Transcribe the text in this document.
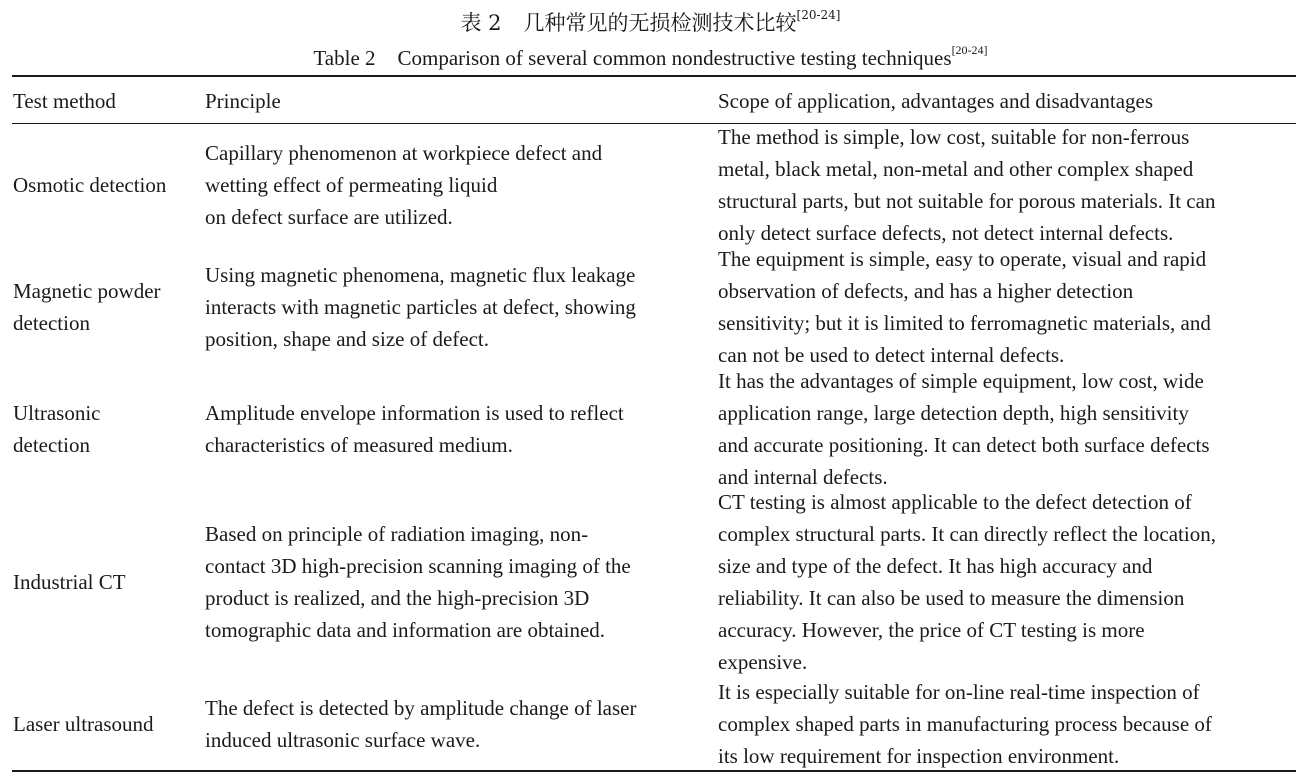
表 2 几种常见的无损检测技术比较[20-24]
Table 2 Comparison of several common nondestructive testing techniques[20-24]
Test method	Principle	Scope of application, advantages and disadvantages
Osmotic detection
Capillary phenomenon at workpiece defect and
wetting effect of permeating liquid
on defect surface are utilized.
The method is simple, low cost, suitable for non-ferrous
metal, black metal, non-metal and other complex shaped
structural parts, but not suitable for porous materials. It can
only detect surface defects, not detect internal defects.
Magnetic powder
detection
Using magnetic phenomena, magnetic flux leakage
interacts with magnetic particles at defect, showing
position, shape and size of defect.
The equipment is simple, easy to operate, visual and rapid
observation of defects, and has a higher detection
sensitivity; but it is limited to ferromagnetic materials, and
can not be used to detect internal defects.
Ultrasonic
detection
Amplitude envelope information is used to reflect
characteristics of measured medium.
It has the advantages of simple equipment, low cost, wide
application range, large detection depth, high sensitivity
and accurate positioning. It can detect both surface defects
and internal defects.
Industrial CT
Based on principle of radiation imaging, non-
contact 3D high-precision scanning imaging of the
product is realized, and the high-precision 3D
tomographic data and information are obtained.
CT testing is almost applicable to the defect detection of
complex structural parts. It can directly reflect the location,
size and type of the defect. It has high accuracy and
reliability. It can also be used to measure the dimension
accuracy. However, the price of CT testing is more
expensive.
Laser ultrasound
The defect is detected by amplitude change of laser
induced ultrasonic surface wave.
It is especially suitable for on-line real-time inspection of
complex shaped parts in manufacturing process because of
its low requirement for inspection environment.
